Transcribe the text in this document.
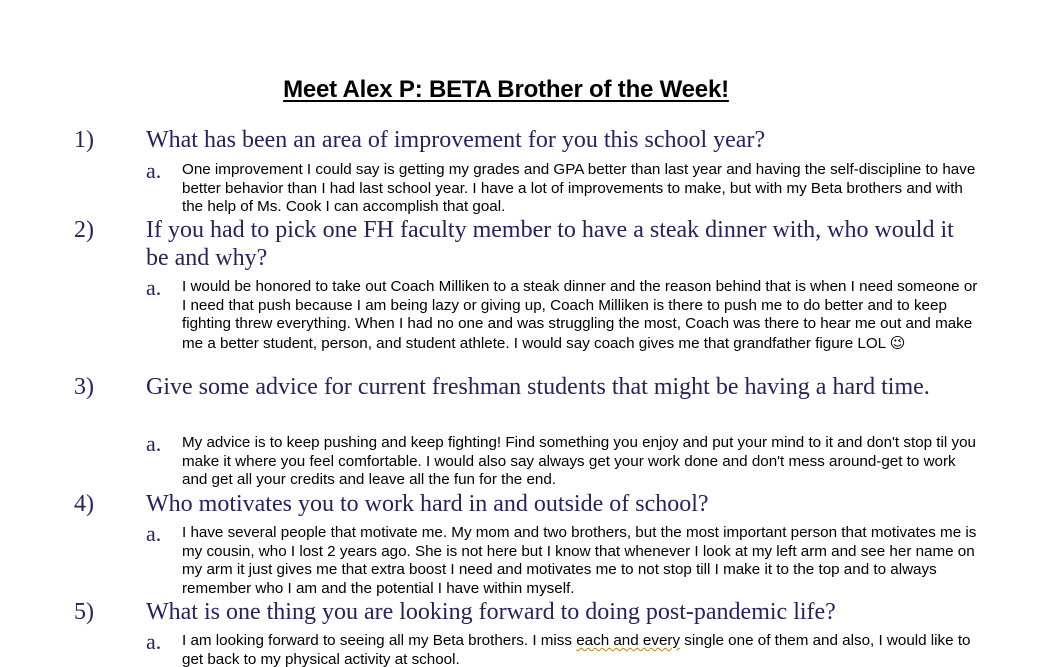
Meet Alex P: BETA Brother of the Week!
1) What has been an area of improvement for you this school year?
a. One improvement I could say is getting my grades and GPA better than last year and having the self-discipline to have better behavior than I had last school year. I have a lot of improvements to make, but with my Beta brothers and with the help of Ms. Cook I can accomplish that goal.
2) If you had to pick one FH faculty member to have a steak dinner with, who would it be and why?
a. I would be honored to take out Coach Milliken to a steak dinner and the reason behind that is when I need someone or I need that push because I am being lazy or giving up, Coach Milliken is there to push me to do better and to keep fighting threw everything. When I had no one and was struggling the most, Coach was there to hear me out and make me a better student, person, and student athlete. I would say coach gives me that grandfather figure LOL 😉
3) Give some advice for current freshman students that might be having a hard time.
a. My advice is to keep pushing and keep fighting! Find something you enjoy and put your mind to it and don't stop til you make it where you feel comfortable. I would also say always get your work done and don't mess around-get to work and get all your credits and leave all the fun for the end.
4) Who motivates you to work hard in and outside of school?
a. I have several people that motivate me. My mom and two brothers, but the most important person that motivates me is my cousin, who I lost 2 years ago. She is not here but I know that whenever I look at my left arm and see her name on my arm it just gives me that extra boost I need and motivates me to not stop till I make it to the top and to always remember who I am and the potential I have within myself.
5) What is one thing you are looking forward to doing post-pandemic life?
a. I am looking forward to seeing all my Beta brothers. I miss each and every single one of them and also, I would like to get back to my physical activity at school.
